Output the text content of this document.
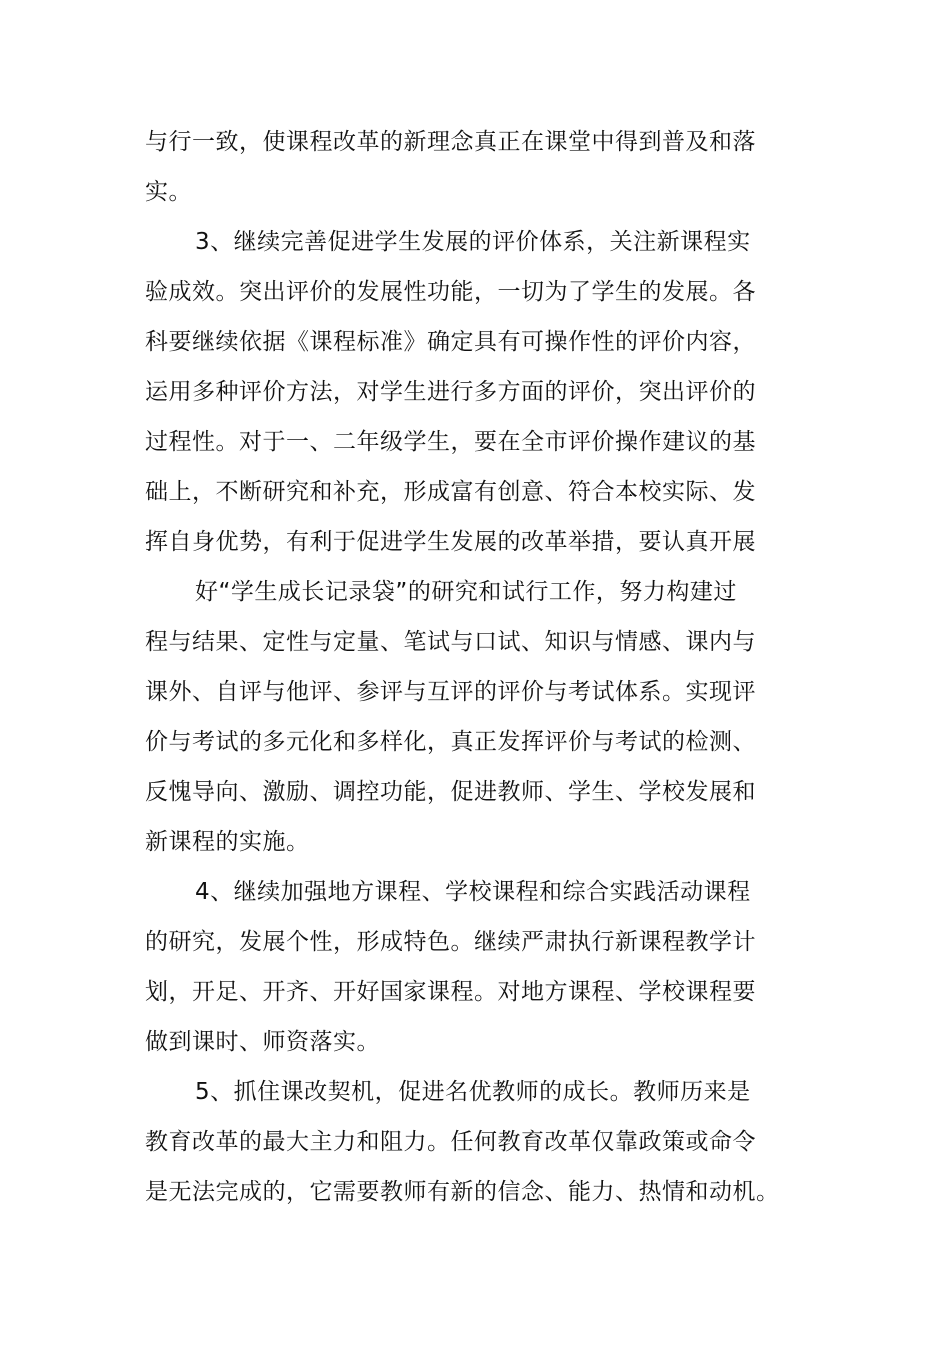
与行一致，使课程改革的新理念真正在课堂中得到普及和落

实。

3、继续完善促进学生发展的评价体系，关注新课程实

验成效。突出评价的发展性功能，一切为了学生的发展。各

科要继续依据《课程标准》确定具有可操作性的评价内容，

运用多种评价方法，对学生进行多方面的评价，突出评价的

过程性。对于一、二年级学生，要在全市评价操作建议的基

础上，不断研究和补充，形成富有创意、符合本校实际、发

挥自身优势，有利于促进学生发展的改革举措，要认真开展

好“学生成长记录袋”的研究和试行工作，努力构建过

程与结果、定性与定量、笔试与口试、知识与情感、课内与

课外、自评与他评、参评与互评的评价与考试体系。实现评

价与考试的多元化和多样化，真正发挥评价与考试的检测、

反愧导向、激励、调控功能，促进教师、学生、学校发展和

新课程的实施。

4、继续加强地方课程、学校课程和综合实践活动课程

的研究，发展个性，形成特色。继续严肃执行新课程教学计

划，开足、开齐、开好国家课程。对地方课程、学校课程要

做到课时、师资落实。

5、抓住课改契机，促进名优教师的成长。教师历来是

教育改革的最大主力和阻力。任何教育改革仅靠政策或命令

是无法完成的，它需要教师有新的信念、能力、热情和动机。
